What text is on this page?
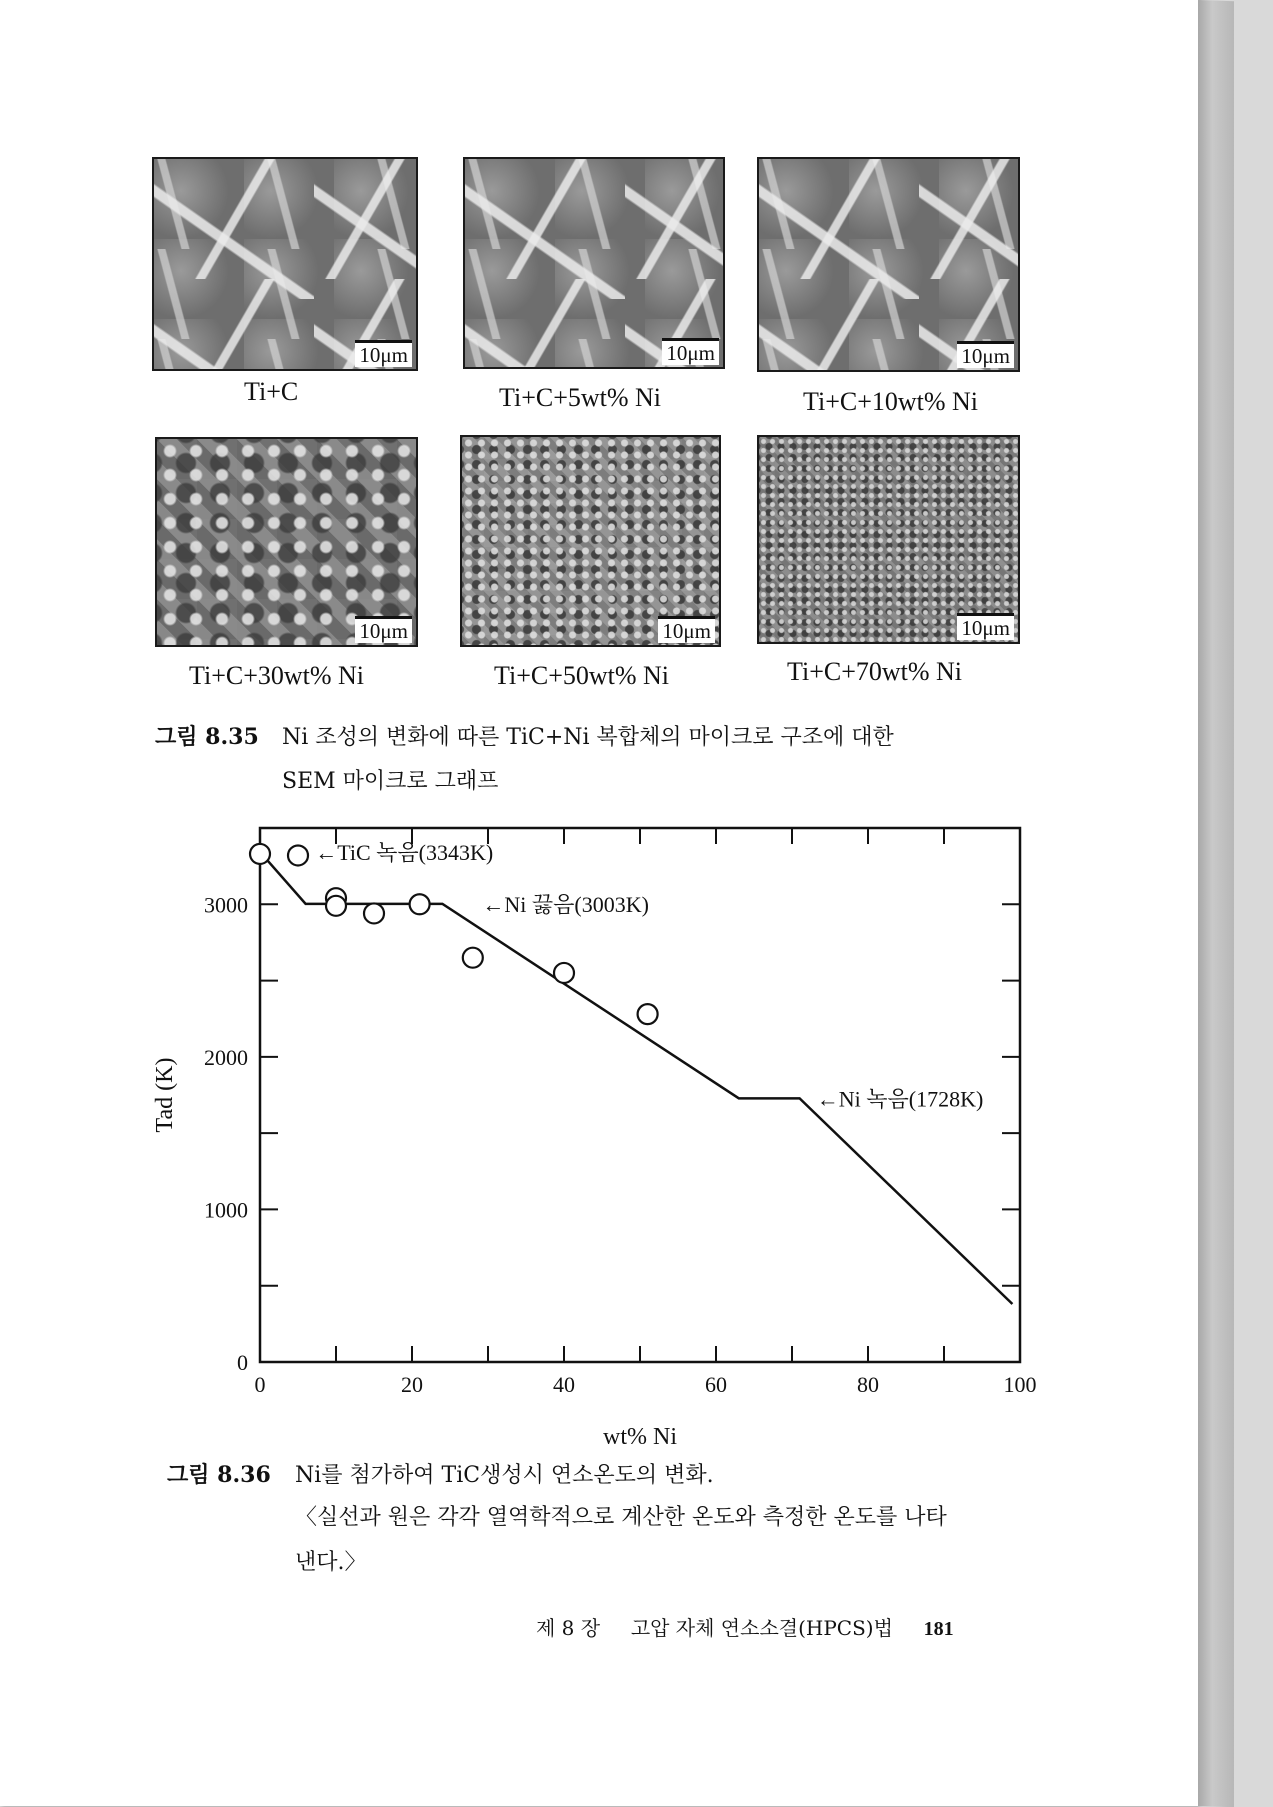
10μm
Ti+C
10μm
Ti+C+5wt% Ni
10μm
Ti+C+10wt% Ni
10μm
Ti+C+30wt% Ni
10μm
Ti+C+50wt% Ni
10μm
Ti+C+70wt% Ni
그림 8.35 Ni 조성의 변화에 따른 TiC+Ni 복합체의 마이크로 구조에 대한
SEM 마이크로 그래프
0	20	40	60	80	100
0
1000
2000
3000
wt% Ni
Tad (K)
←TiC 녹음(3343K)
←Ni 끓음(3003K)
←Ni 녹음(1728K)
그림 8.36 Ni를 첨가하여 TiC생성시 연소온도의 변화.
〈실선과 원은 각각 열역학적으로 계산한 온도와 측정한 온도를 나타
낸다.〉
제 8 장 고압 자체 연소소결(HPCS)법 181
